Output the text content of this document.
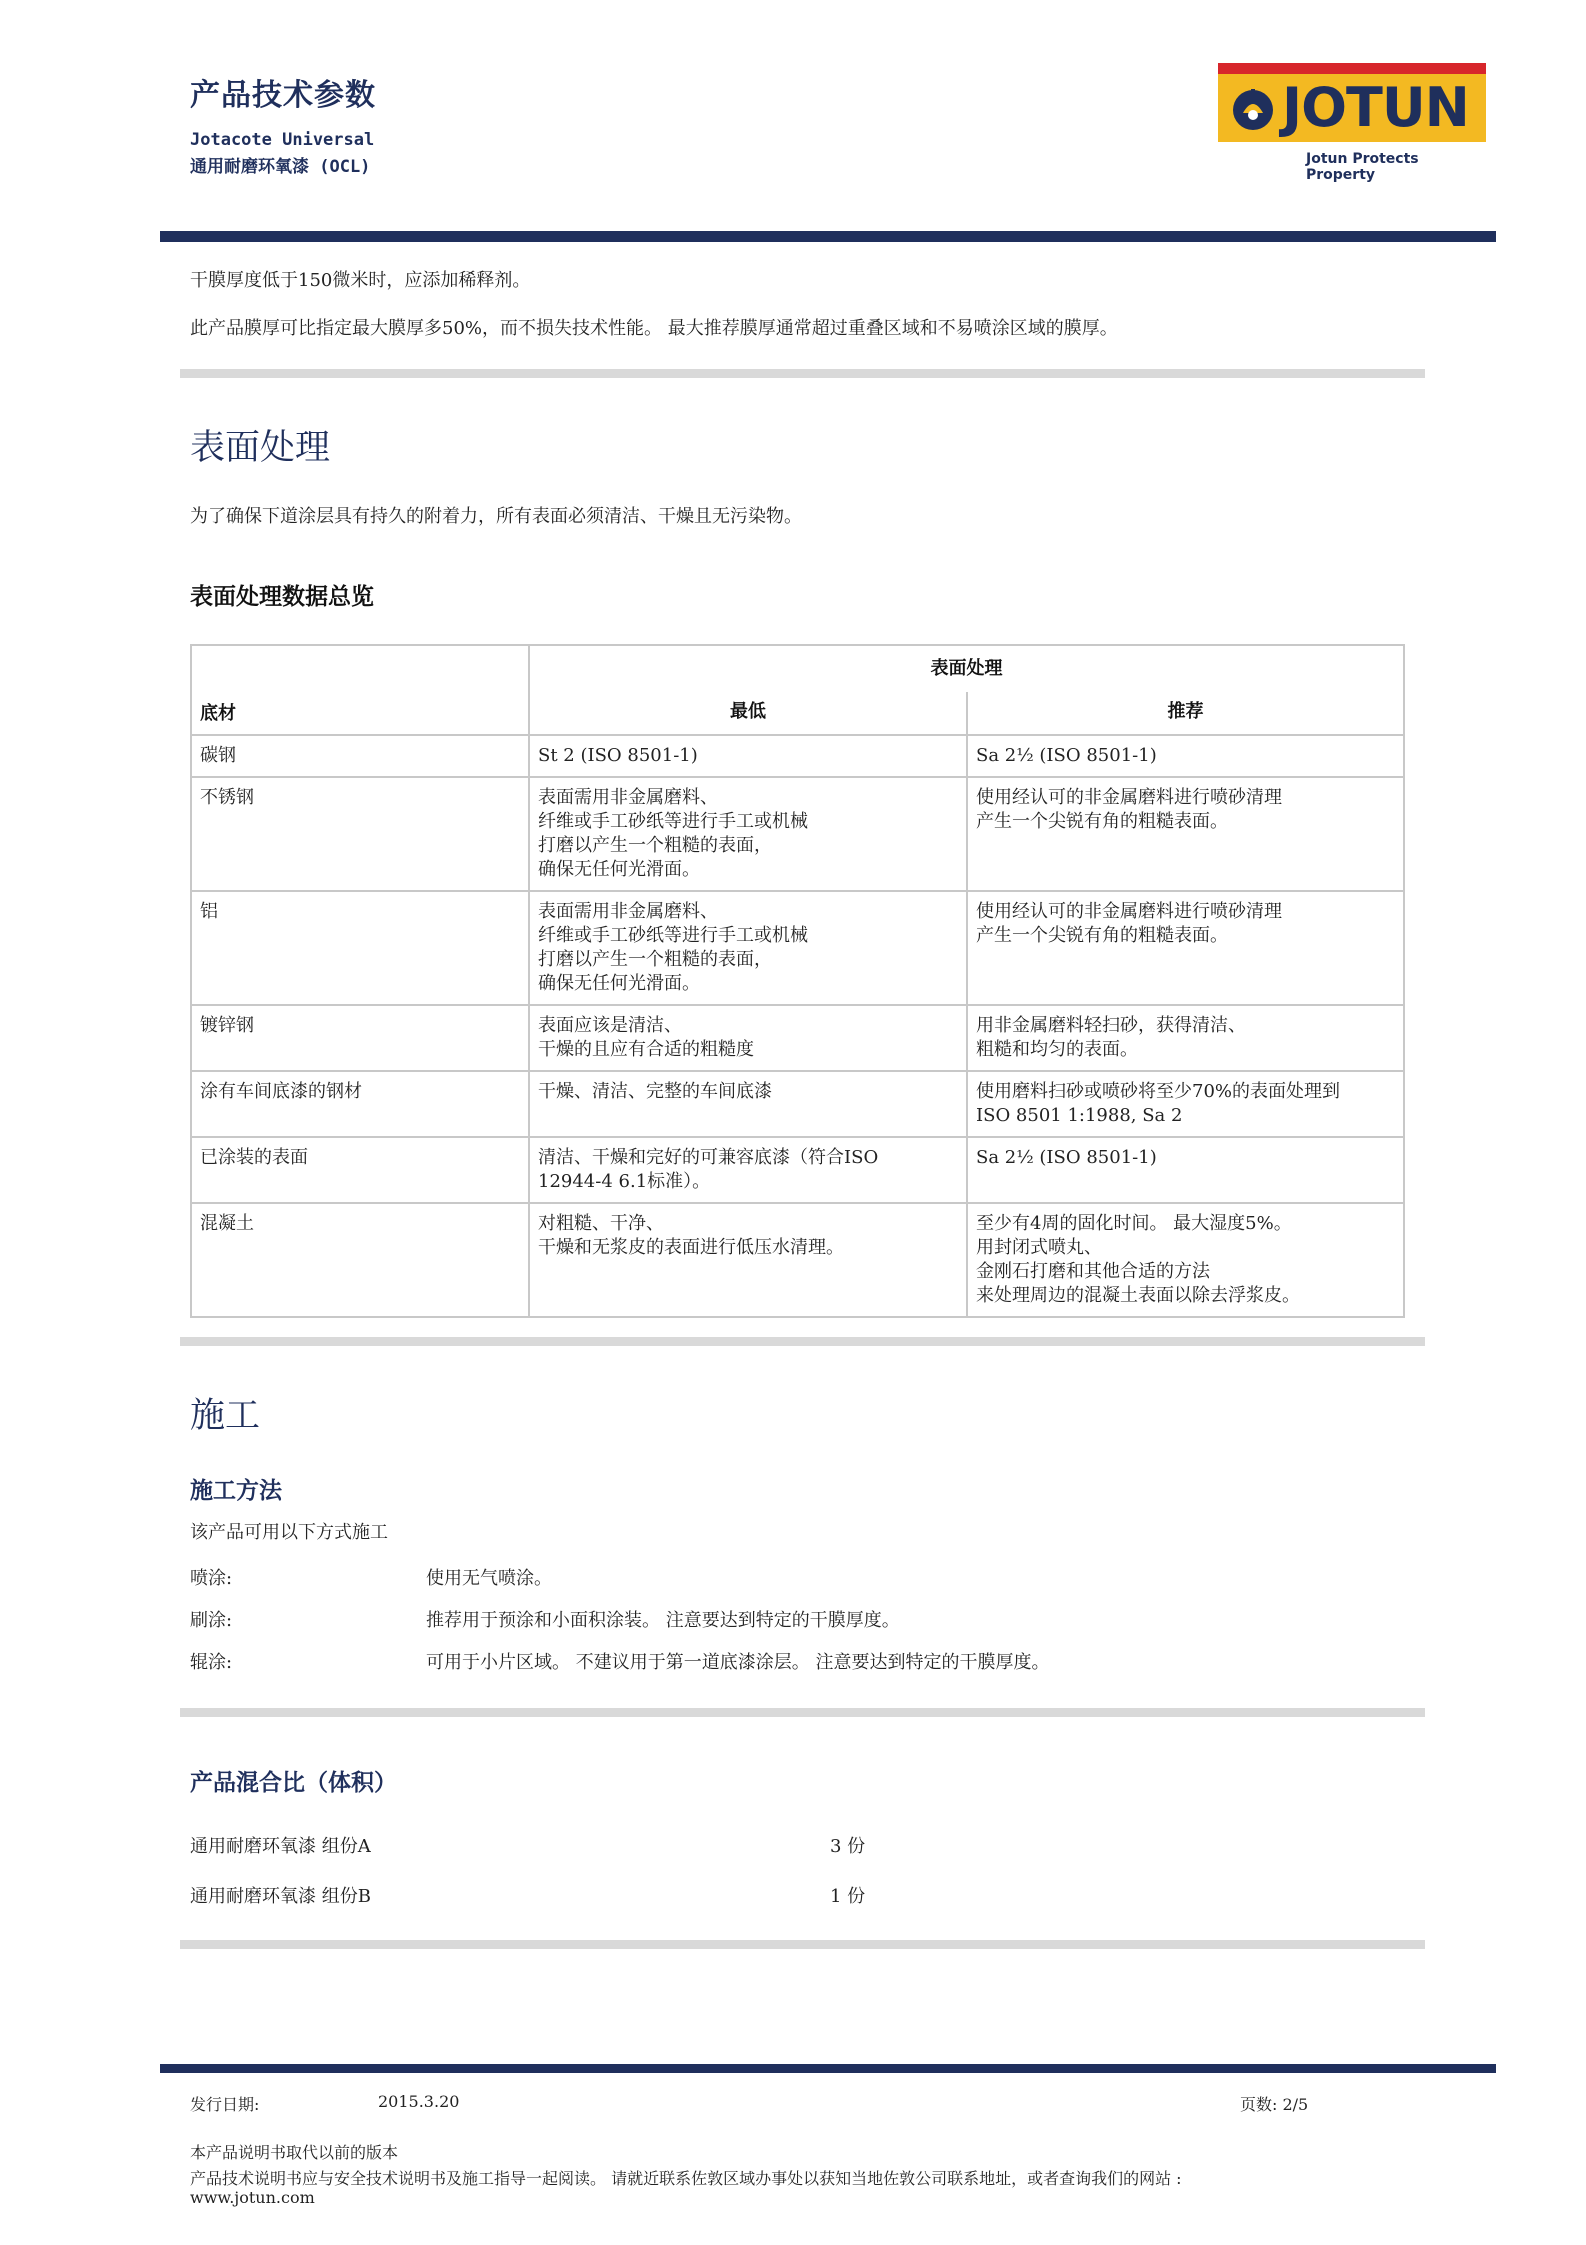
产品技术参数
Jotacote Universal
通用耐磨环氧漆 (OCL)
JOTUN
Jotun Protects Property
干膜厚度低于150微米时，应添加稀释剂。
此产品膜厚可比指定最大膜厚多50%，而不损失技术性能。 最大推荐膜厚通常超过重叠区域和不易喷涂区域的膜厚。
表面处理
为了确保下道涂层具有持久的附着力，所有表面必须清洁、干燥且无污染物。
表面处理数据总览
底材	表面处理	
	最低	推荐
碳钢	St 2 (ISO 8501-1)	Sa 2½ (ISO 8501-1)

不锈钢	表面需用非金属磨料、
纤维或手工砂纸等进行手工或机械
打磨以产生一个粗糙的表面，
确保无任何光滑面。	使用经认可的非金属磨料进行喷砂清理
产生一个尖锐有角的粗糙表面。

铝	表面需用非金属磨料、
纤维或手工砂纸等进行手工或机械
打磨以产生一个粗糙的表面，
确保无任何光滑面。	使用经认可的非金属磨料进行喷砂清理
产生一个尖锐有角的粗糙表面。

镀锌钢	表面应该是清洁、
干燥的且应有合适的粗糙度	用非金属磨料轻扫砂，获得清洁、
粗糙和均匀的表面。

涂有车间底漆的钢材	干燥、清洁、完整的车间底漆	使用磨料扫砂或喷砂将至少70%的表面处理到
ISO 8501 1:1988, Sa 2

已涂装的表面	清洁、干燥和完好的可兼容底漆（符合ISO
12944-4 6.1标准）。	Sa 2½ (ISO 8501-1)

混凝土	对粗糙、干净、
干燥和无浆皮的表面进行低压水清理。	至少有4周的固化时间。 最大湿度5%。
用封闭式喷丸、
金刚石打磨和其他合适的方法
来处理周边的混凝土表面以除去浮浆皮。
施工
施工方法
该产品可用以下方式施工
喷涂:	使用无气喷涂。
刷涂:	推荐用于预涂和小面积涂装。 注意要达到特定的干膜厚度。
辊涂:	可用于小片区域。 不建议用于第一道底漆涂层。 注意要达到特定的干膜厚度。
产品混合比（体积）
通用耐磨环氧漆 组份A	3 份
通用耐磨环氧漆 组份B	1 份
发行日期:	2015.3.20	页数: 2/5
本产品说明书取代以前的版本
产品技术说明书应与安全技术说明书及施工指导一起阅读。 请就近联系佐敦区域办事处以获知当地佐敦公司联系地址，或者查询我们的网站 :
www.jotun.com
